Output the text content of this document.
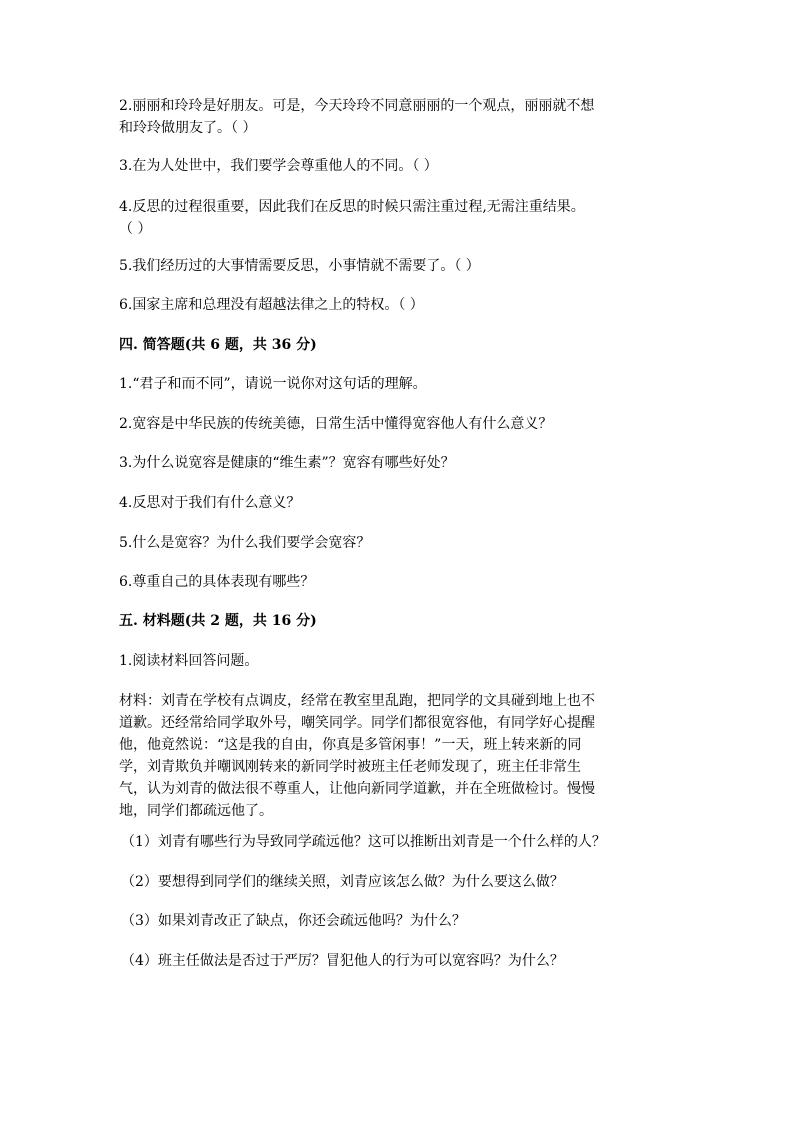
2.丽丽和玲玲是好朋友。可是，今天玲玲不同意丽丽的一个观点，丽丽就不想
和玲玲做朋友了。（ ）
3.在为人处世中，我们要学会尊重他人的不同。（ ）
4.反思的过程很重要，因此我们在反思的时候只需注重过程,无需注重结果。
（ ）
5.我们经历过的大事情需要反思，小事情就不需要了。（ ）
6.国家主席和总理没有超越法律之上的特权。（ ）
四. 简答题(共 6 题，共 36 分)
1.“君子和而不同”，请说一说你对这句话的理解。
2.宽容是中华民族的传统美德，日常生活中懂得宽容他人有什么意义？
3.为什么说宽容是健康的“维生素”？宽容有哪些好处？
4.反思对于我们有什么意义？
5.什么是宽容？为什么我们要学会宽容？
6.尊重自己的具体表现有哪些？
五. 材料题(共 2 题，共 16 分)
1.阅读材料回答问题。
材料：刘青在学校有点调皮，经常在教室里乱跑，把同学的文具碰到地上也不
道歉。还经常给同学取外号，嘲笑同学。同学们都很宽容他，有同学好心提醒
他，他竟然说：“这是我的自由，你真是多管闲事！”一天，班上转来新的同
学，刘青欺负并嘲讽刚转来的新同学时被班主任老师发现了，班主任非常生
气，认为刘青的做法很不尊重人，让他向新同学道歉，并在全班做检讨。慢慢
地，同学们都疏远他了。
（1）刘青有哪些行为导致同学疏远他？这可以推断出刘青是一个什么样的人？
（2）要想得到同学们的继续关照，刘青应该怎么做？为什么要这么做？
（3）如果刘青改正了缺点，你还会疏远他吗？为什么？
（4）班主任做法是否过于严厉？冒犯他人的行为可以宽容吗？为什么？
